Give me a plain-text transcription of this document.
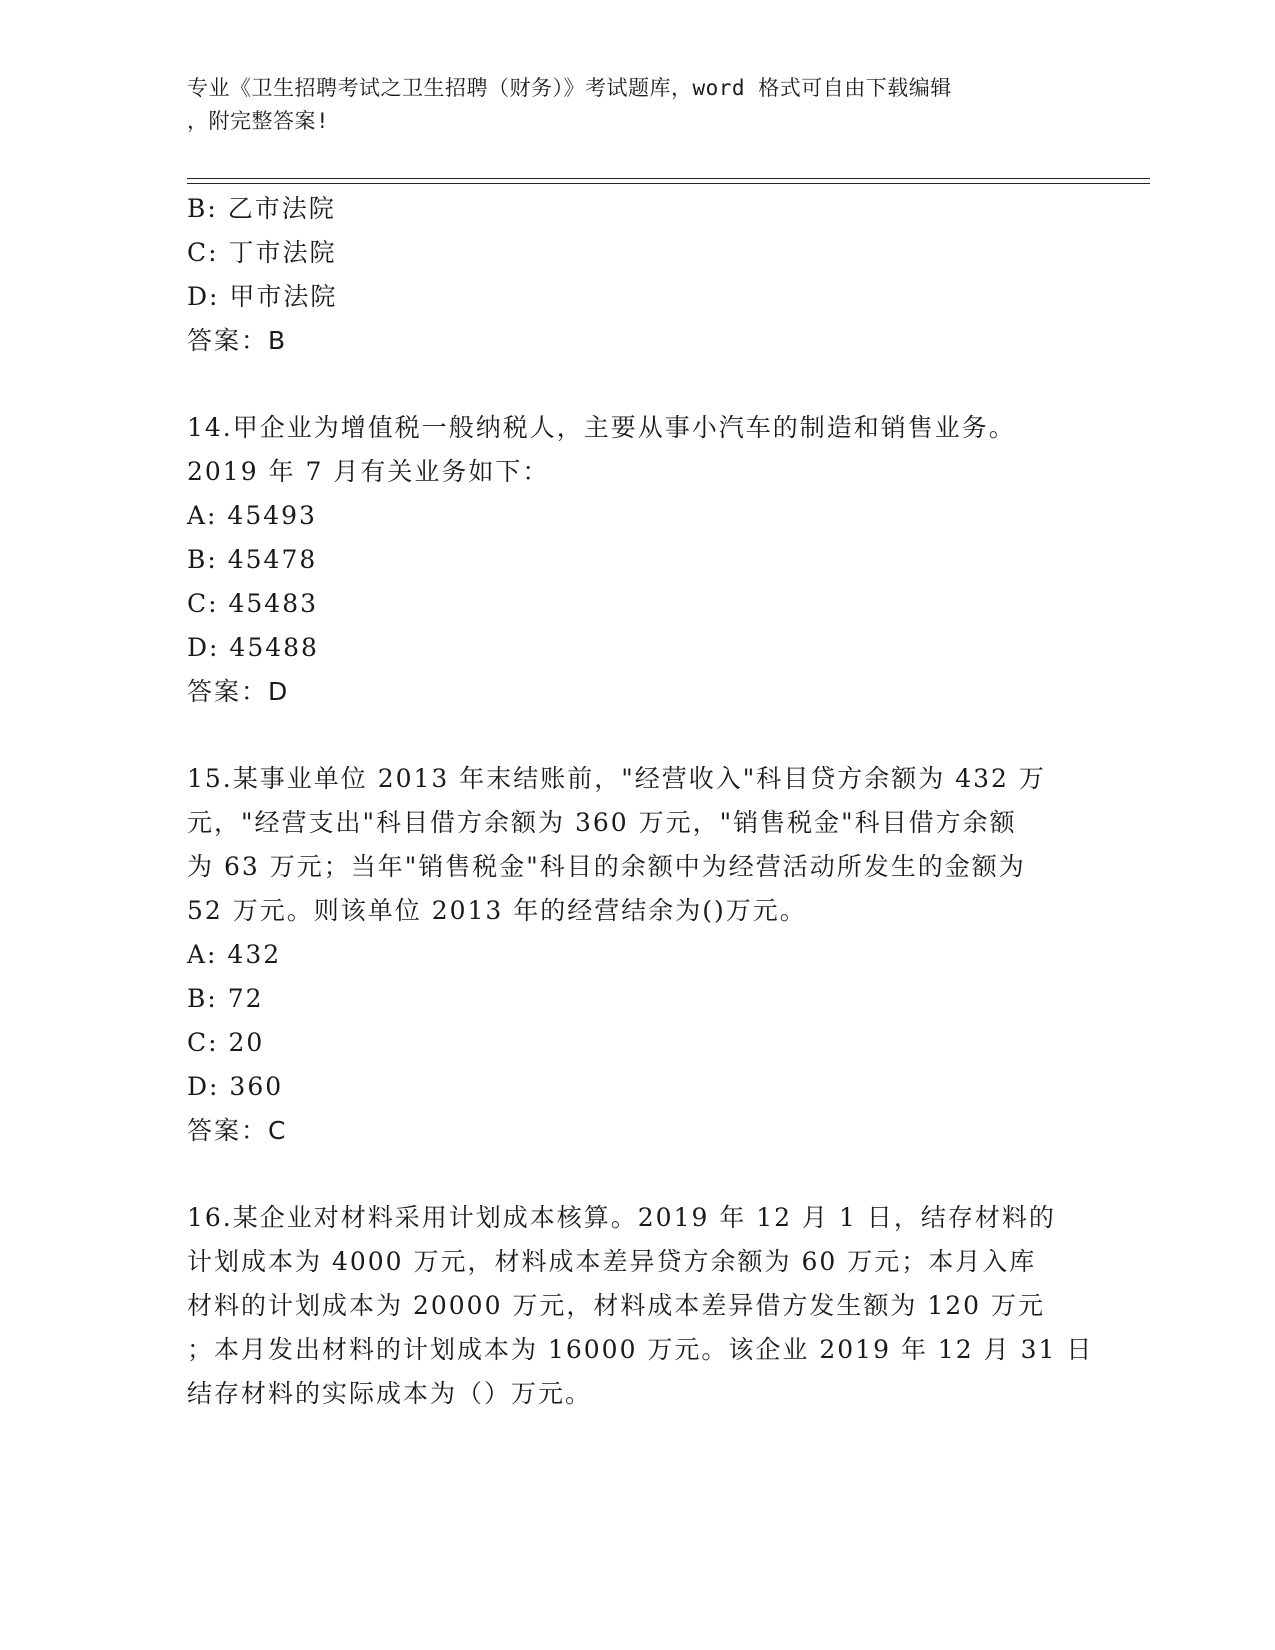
专业《卫生招聘考试之卫生招聘（财务）》考试题库，word 格式可自由下载编辑
，附完整答案!
B: 乙市法院
C: 丁市法院
D: 甲市法院
答案：B
14.甲企业为增值税一般纳税人，主要从事小汽车的制造和销售业务。
2019 年 7 月有关业务如下：
A: 45493
B: 45478
C: 45483
D: 45488
答案：D
15.某事业单位 2013 年末结账前，"经营收入"科目贷方余额为 432 万
元，"经营支出"科目借方余额为 360 万元，"销售税金"科目借方余额
为 63 万元；当年"销售税金"科目的余额中为经营活动所发生的金额为
52 万元。则该单位 2013 年的经营结余为()万元。
A: 432
B: 72
C: 20
D: 360
答案：C
16.某企业对材料采用计划成本核算。2019 年 12 月 1 日，结存材料的
计划成本为 4000 万元，材料成本差异贷方余额为 60 万元；本月入库
材料的计划成本为 20000 万元，材料成本差异借方发生额为 120 万元
；本月发出材料的计划成本为 16000 万元。该企业 2019 年 12 月 31 日
结存材料的实际成本为（）万元。
